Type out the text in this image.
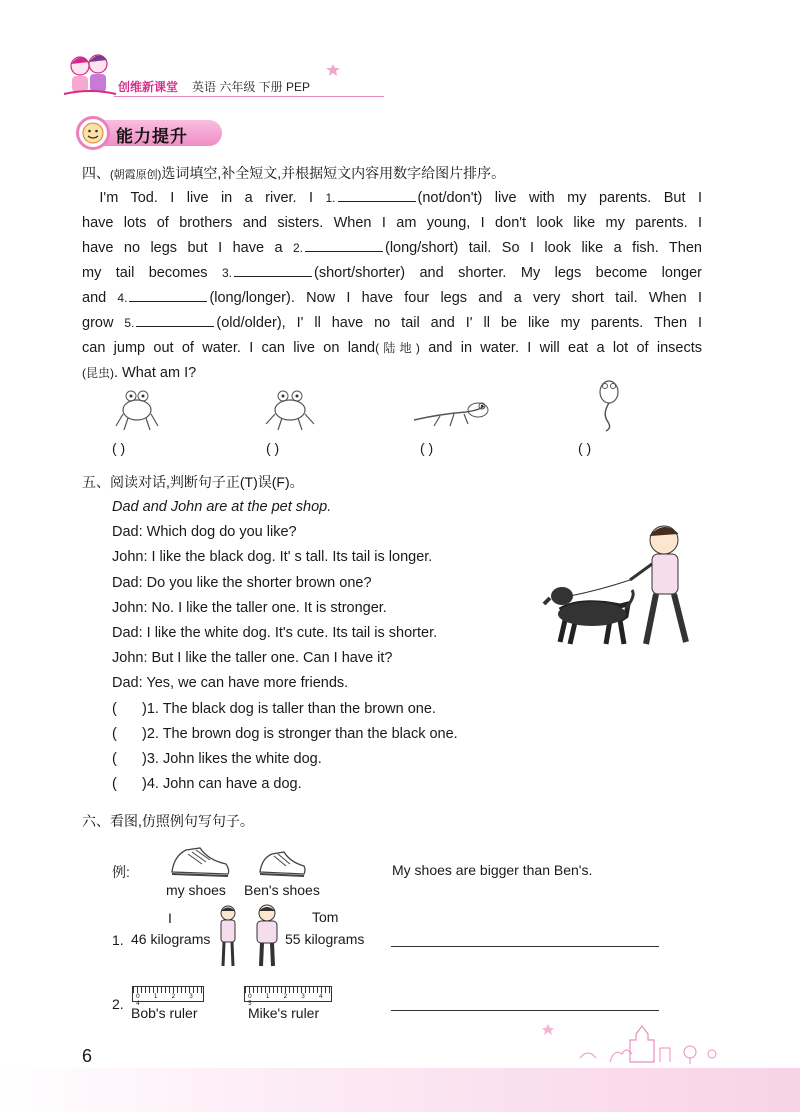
创维新课堂 英语 六年级 下册 PEP
能力提升
四、(朝霞原创)选词填空,补全短文,并根据短文内容用数字给图片排序。

  I'm Tod. I live in a river. I 1.	(not/don't) live with my parents. But I

have lots of brothers and sisters. When I am young, I don't look like my parents. I

have no legs but I have a 2.	(long/short) tail. So I look like a fish. Then

my tail becomes 3.	(short/shorter) and shorter. My legs become longer

and 4.	(long/longer). Now I have four legs and a very short tail. When I

grow 5.	(old/older), I' ll have no tail and I' ll be like my parents. Then I

can jump out of water. I can live on land(陆地) and in water. I will eat a lot of insects

(昆虫). What am I?

( )	( )	( )	( )
五、阅读对话,判断句子正(T)误(F)。
Dad and John are at the pet shop.
Dad: Which dog do you like?
John: I like the black dog. It' s tall. Its tail is longer.
Dad: Do you like the shorter brown one?
John: No. I like the taller one. It is stronger.
Dad: I like the white dog. It's cute. Its tail is shorter.
John: But I like the taller one. Can I have it?
Dad: Yes, we can have more friends.
( )1. The black dog is taller than the brown one.
( )2. The brown dog is stronger than the black one.
( )3. John likes the white dog.
( )4. John can have a dog.
六、看图,仿照例句写句子。
例:
my shoes Ben's shoes
My shoes are bigger than Ben's.
1.
I	Tom
46 kilograms	55 kilograms
2. 0 1 2 3 4
0 1 2 3 4 5
Bob's ruler	Mike's ruler
6
